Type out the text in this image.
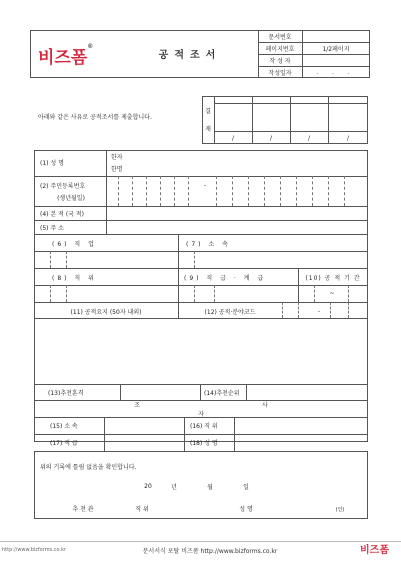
비즈폼®
공적조서
문서번호
페이지번호	1/2페이지
작 성 자
작성일자	. . .
아래와 같은 사유로 공적조서를 제출합니다.
결
재
/	/	/	/
(1) 성 명
한자
한명
(2) 주민등록번호
(생년월일)
-
(4) 본 적 (국 적)
(5) 주 소
(6) 직 업	(7) 소 속
(8) 직 위	(9) 직 급 · 계 급	(10) 공 적 기 간
~
(11) 공적요지 (50자 내외)	(12) 공적·분야코드	-
(13)추천훈격	(14)추천순위
조 사 자
(15) 소 속	(16) 직 위
(17) 직 급	(18) 성 명
위의 기록에 틀림 없음을 확인합니다.
20	년	월	일
추 천 관	직 위	성 명	(인)
http://www.bizforms.co.kr	문서서식 포탈 비즈폼 http://www.bizforms.co.kr	비즈폼
